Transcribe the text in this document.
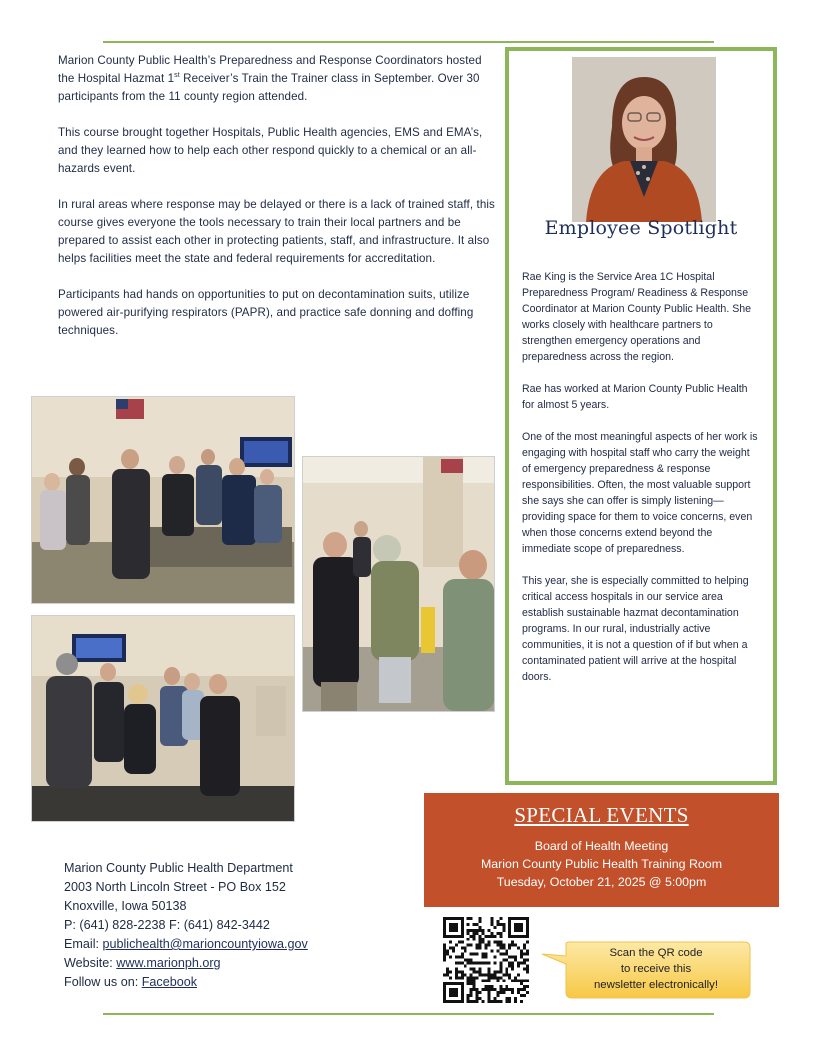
Marion County Public Health’s Preparedness and Response Coordinators hosted the Hospital Hazmat 1st Receiver’s Train the Trainer class in September. Over 30 participants from the 11 county region attended.

This course brought together Hospitals, Public Health agencies, EMS and EMA’s, and they learned how to help each other respond quickly to a chemical or an all-hazards event.

In rural areas where response may be delayed or there is a lack of trained staff, this course gives everyone the tools necessary to train their local partners and be prepared to assist each other in protecting patients, staff, and infrastructure. It also helps facilities meet the state and federal requirements for accreditation.

Participants had hands on opportunities to put on decontamination suits, utilize powered air-purifying respirators (PAPR), and practice safe donning and doffing techniques.

Employee Spotlight

Rae King is the Service Area 1C Hospital Preparedness Program/ Readiness & Response Coordinator at Marion County Public Health. She works closely with healthcare partners to strengthen emergency operations and preparedness across the region.

Rae has worked at Marion County Public Health for almost 5 years.

One of the most meaningful aspects of her work is engaging with hospital staff who carry the weight of emergency preparedness & response responsibilities. Often, the most valuable support she says she can offer is simply listening—providing space for them to voice concerns, even when those concerns extend beyond the immediate scope of preparedness.

This year, she is especially committed to helping critical access hospitals in our service area establish sustainable hazmat decontamination programs. In our rural, industrially active communities, it is not a question of if but when a contaminated patient will arrive at the hospital doors.

SPECIAL EVENTS
Board of Health Meeting
Marion County Public Health Training Room
Tuesday, October 21, 2025 @ 5:00pm
Marion County Public Health Department
2003 North Lincoln Street - PO Box 152
Knoxville, Iowa 50138
P: (641) 828-2238 F: (641) 842-3442
Email: publichealth@marioncountyiowa.gov
Website: www.marionph.org
Follow us on: Facebook
Scan the QR code
to receive this
newsletter electronically!
